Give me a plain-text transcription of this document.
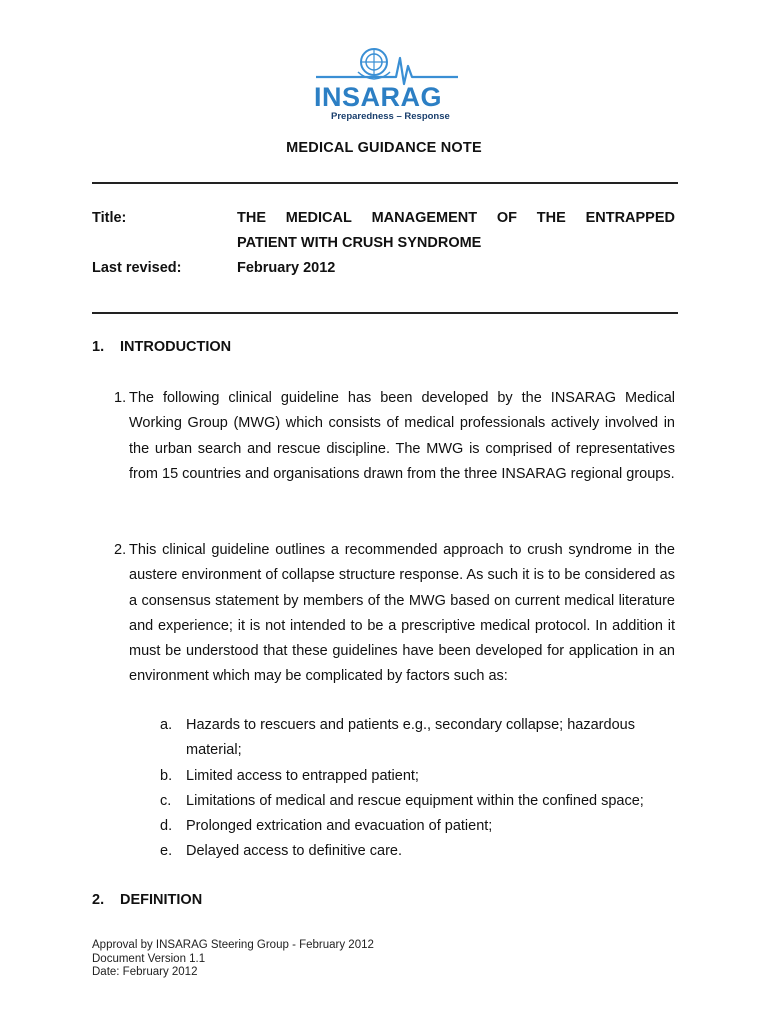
INSARAG
Preparedness – Response
MEDICAL GUIDANCE NOTE
Title:	THE MEDICAL MANAGEMENT OF THE ENTRAPPED
PATIENT WITH CRUSH SYNDROME
Last revised:	February 2012
1. INTRODUCTION
1. The following clinical guideline has been developed by the INSARAG Medical Working Group (MWG) which consists of medical professionals actively involved in the urban search and rescue discipline. The MWG is comprised of representatives from 15 countries and organisations drawn from the three INSARAG regional groups.
2. This clinical guideline outlines a recommended approach to crush syndrome in the austere environment of collapse structure response. As such it is to be considered as a consensus statement by members of the MWG based on current medical literature and experience; it is not intended to be a prescriptive medical protocol. In addition it must be understood that these guidelines have been developed for application in an environment which may be complicated by factors such as:
a. Hazards to rescuers and patients e.g., secondary collapse; hazardous material;
b. Limited access to entrapped patient;
c. Limitations of medical and rescue equipment within the confined space;
d. Prolonged extrication and evacuation of patient;
e. Delayed access to definitive care.
2. DEFINITION
Approval by INSARAG Steering Group - February 2012
Document Version 1.1
Date: February 2012
